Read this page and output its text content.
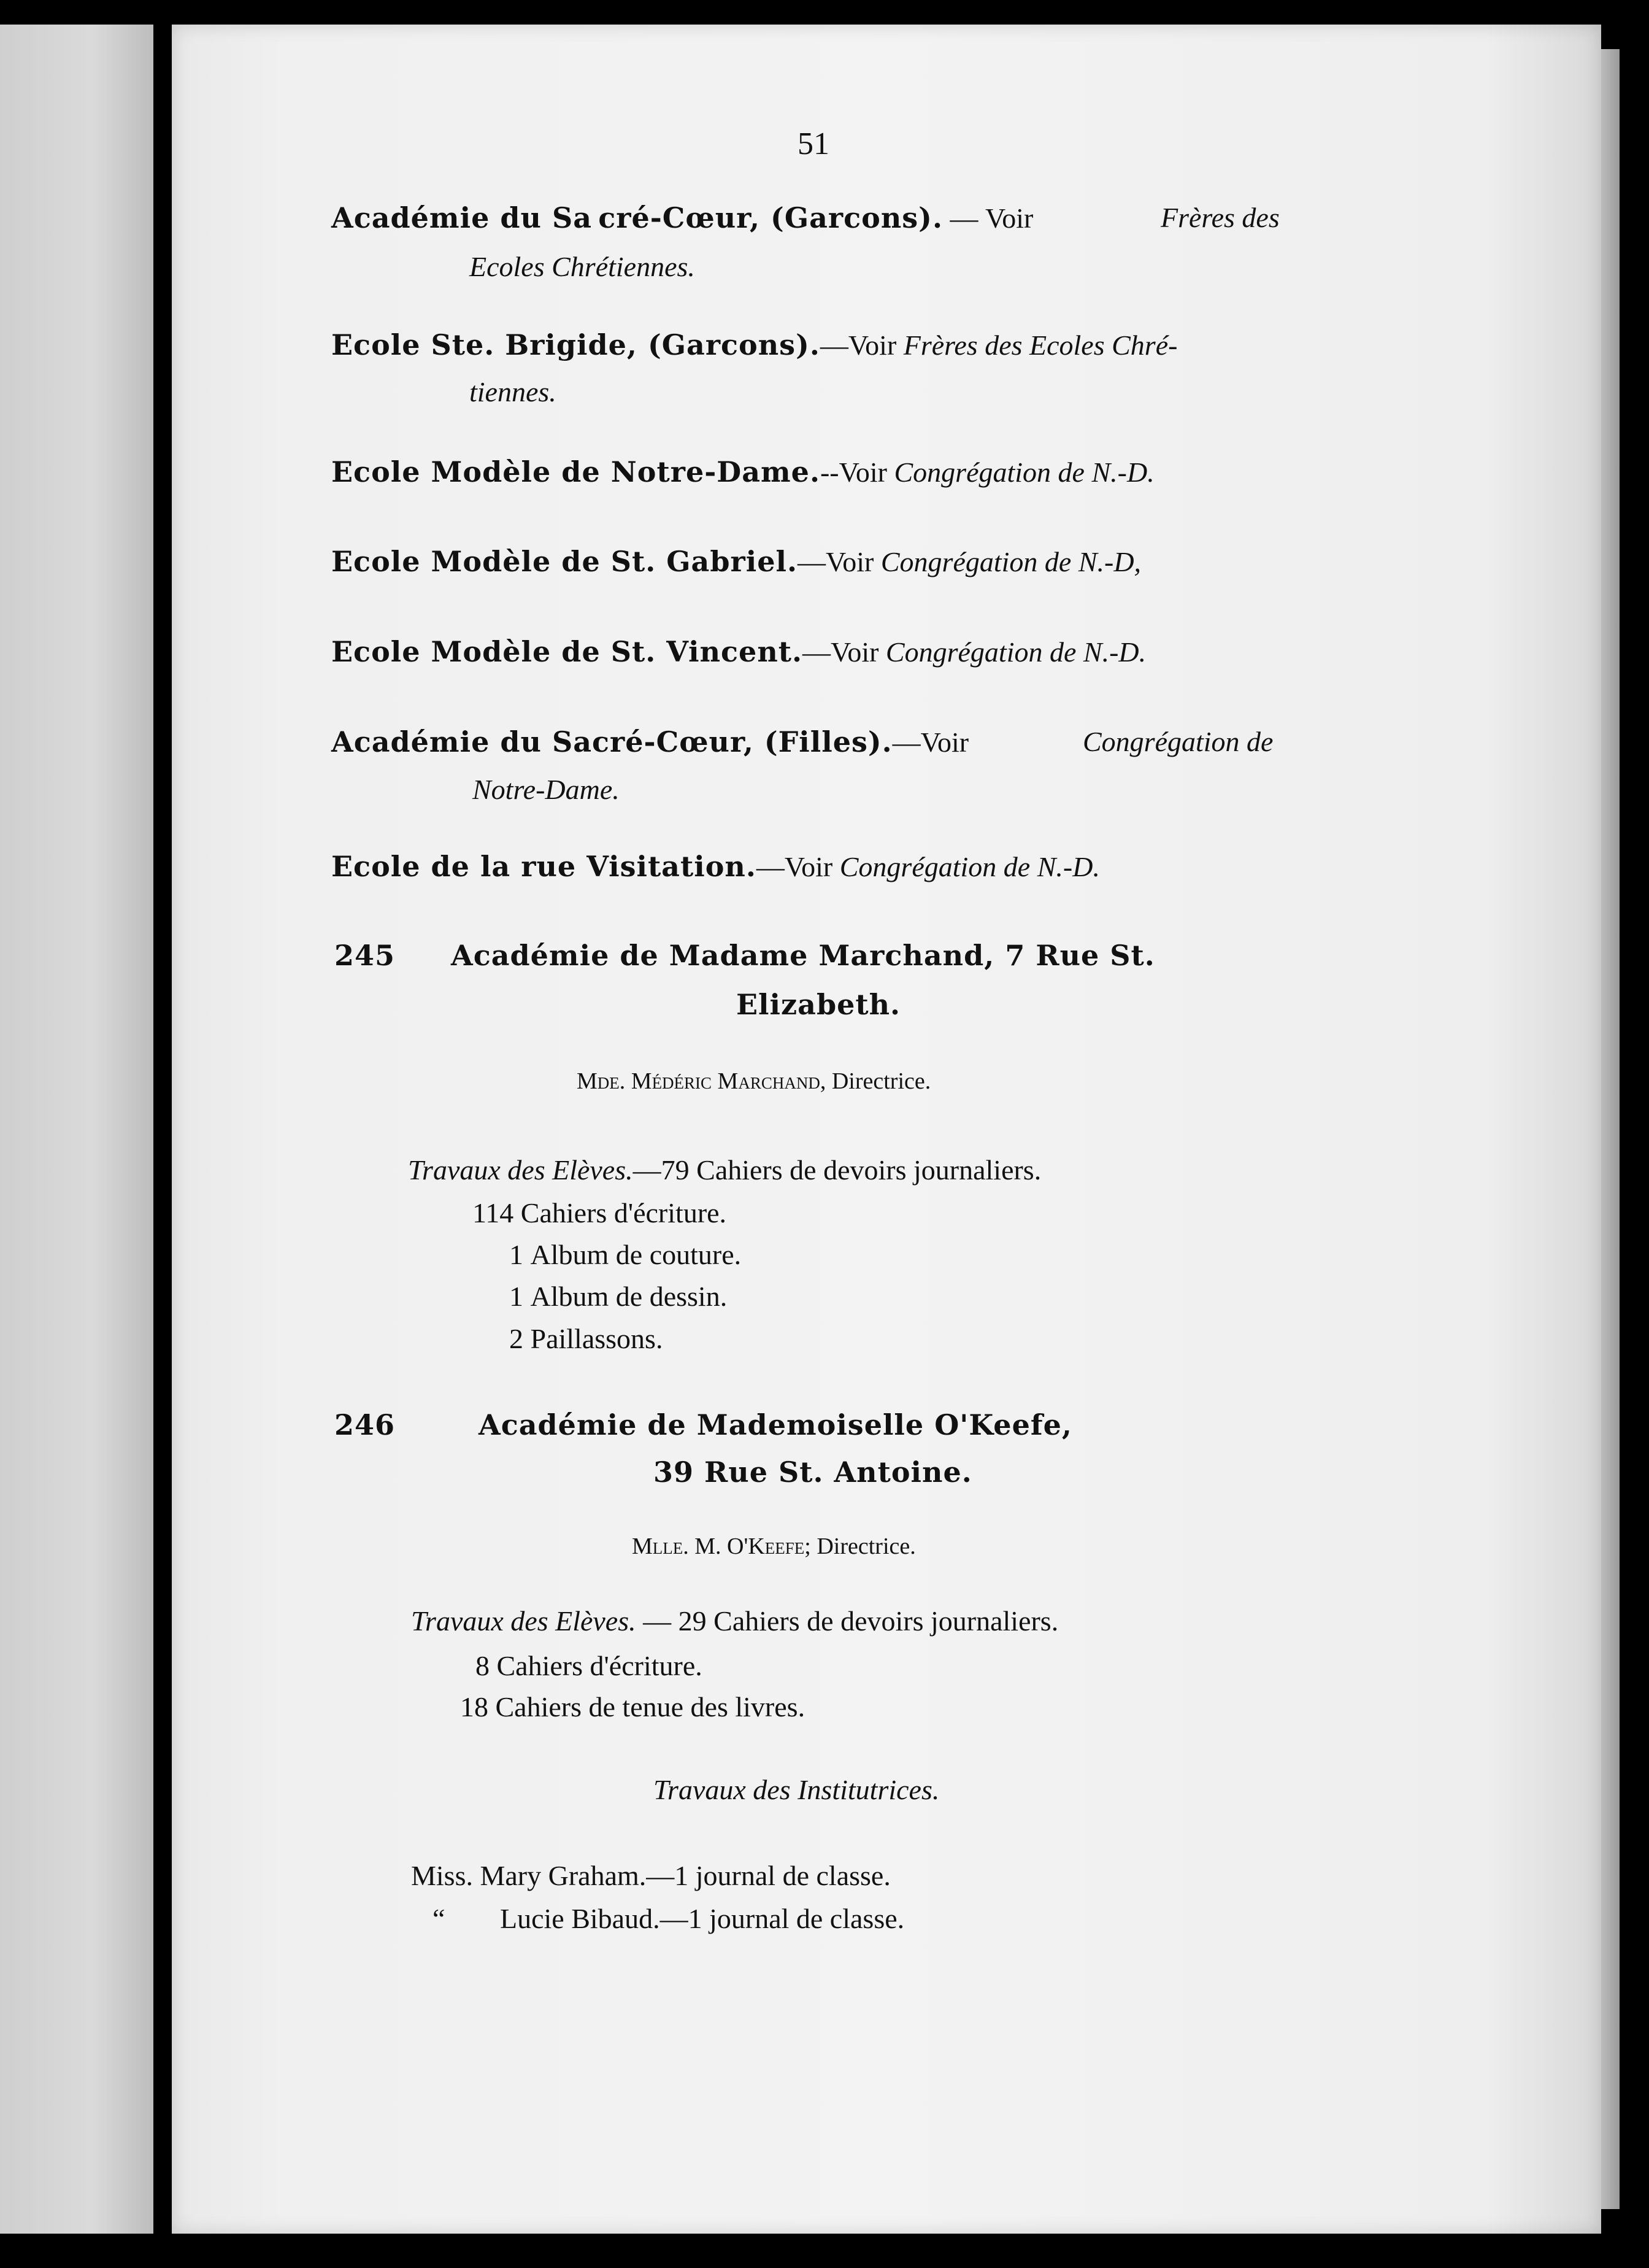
51
Académie du Sa cré-Cœur, (Garcons). — Voir	Frères des
Ecoles Chrétiennes.
Ecole Ste. Brigide, (Garcons). — Voir
Frères des Ecoles Chré-
tiennes.
Ecole Modèle de Notre-Dame. -- Voir
Congrégation de N.-D.
Ecole Modèle de St. Gabriel. — Voir
Congrégation de N.-D,
Ecole Modèle de St. Vincent. — Voir
Congrégation de N.-D.
Académie du Sacré-Cœur, (Filles). — Voir	Congrégation de
Notre-Dame.
Ecole de la rue Visitation. — Voir
Congrégation de N.-D.
245 Académie de Madame Marchand, 7 Rue St.
Elizabeth.
Mde. Médéric Marchand,
Directrice.
Travaux des Elèves. — 79
Cahiers de devoirs journaliers.
114
Cahiers d'écriture.
1
Album de couture.
1
Album de dessin.
2
Paillassons.
246	Académie de Mademoiselle O'Keefe,
39 Rue St. Antoine.
Mlle. M. O'Keefe;
Directrice.
Travaux des Elèves. — 29
Cahiers de devoirs journaliers.
8
Cahiers d'écriture.
18
Cahiers de tenue des livres.
Travaux des Institutrices.
Miss.
Mary Graham. — 1
journal de classe.
“ Lucie Bibaud. — 1
journal de classe.
